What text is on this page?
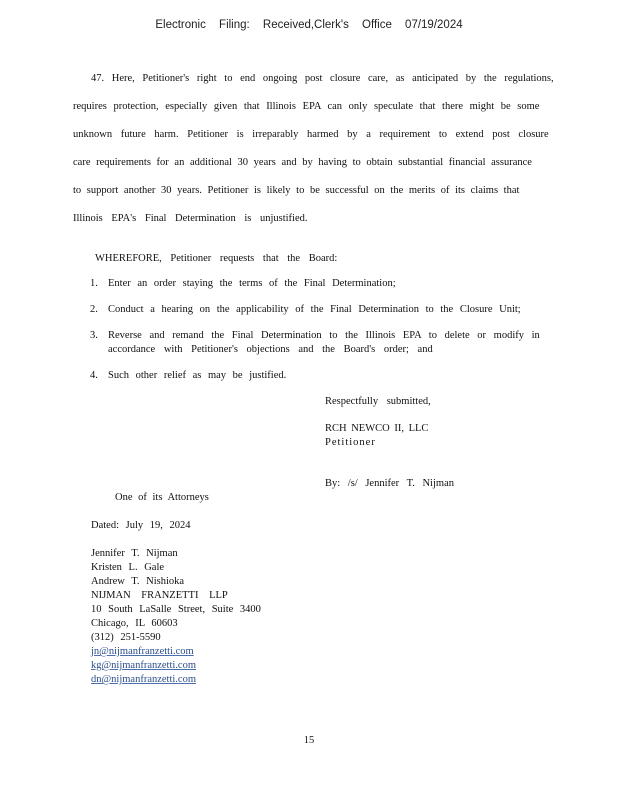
Electronic Filing: Received,Clerk's Office 07/19/2024
47. Here, Petitioner's right to end ongoing post closure care, as anticipated by the regulations,
requires protection, especially given that Illinois EPA can only speculate that there might be some
unknown future harm. Petitioner is irreparably harmed by a requirement to extend post closure
care requirements for an additional 30 years and by having to obtain substantial financial assurance
to support another 30 years. Petitioner is likely to be successful on the merits of its claims that
Illinois EPA's Final Determination is unjustified.
WHEREFORE, Petitioner requests that the Board:
1. Enter an order staying the terms of the Final Determination;
2. Conduct a hearing on the applicability of the Final Determination to the Closure Unit;
3. Reverse and remand the Final Determination to the Illinois EPA to delete or modify in
accordance with Petitioner's objections and the Board's order; and
4. Such other relief as may be justified.
Respectfully submitted,
RCH NEWCO II, LLC
Petitioner
By: /s/ Jennifer T. Nijman
One of its Attorneys
Dated: July 19, 2024
Jennifer T. Nijman
Kristen L. Gale
Andrew T. Nishioka
NIJMAN FRANZETTI LLP
10 South LaSalle Street, Suite 3400
Chicago, IL 60603
(312) 251-5590
jn@nijmanfranzetti.com
kg@nijmanfranzetti.com
dn@nijmanfranzetti.com
15
